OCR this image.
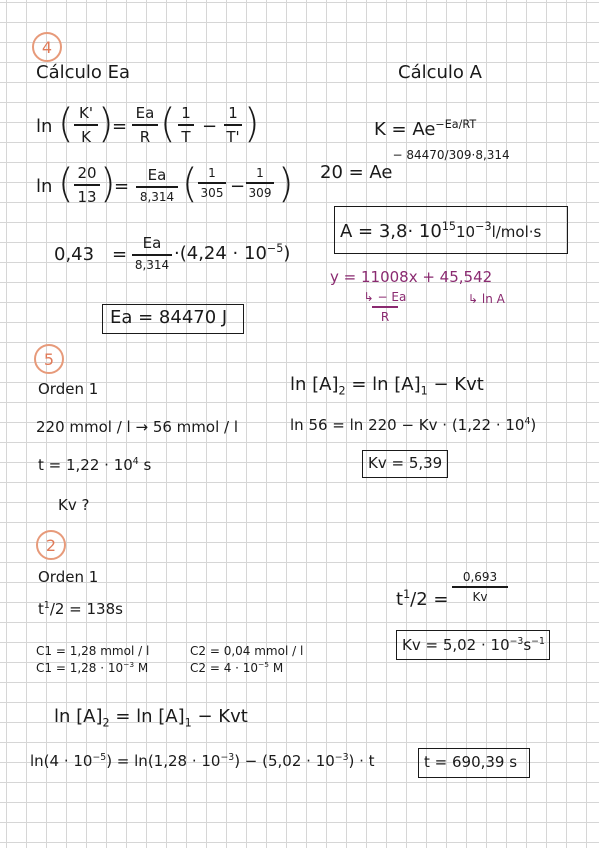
4
Cálculo Ea	Cálculo A
ln ( K'
K )
=
Ea
R ( 1
T −
1
T' )
ln ( 20
13 )
=
Ea
8,314 ( 1
305 −
1
309 )
0,43 =
Ea
8,314
$\cdot(4,24 \cdot 10^{-5})$
Ea = 84470 J
$K = Ae^{-Ea/RT}$
$20 = Ae^{- 84470/309\cdot 8,314}$
$A = 3,8\cdot 10^{15}10^{-3}l/mol\cdot s$
y = 11008x + 45,542
↳ − Ea
R
↳ ln A
5
Orden 1
220 mmol / l → 56 mmol / l
$t = 1,22 \cdot 10^4$ s
Kv ?
$\ln [A]_2 = \ln [A]_1$ − Kvt
$\ln 56 = \ln 220 - Kv \cdot (1,22 \cdot 10^4)$
Kv = 5,39
2
Orden 1
$t^1/2 = 138s$	$t^1/2$ =
0,693
Kv
C1 = 1,28 mmol / l	C2 = 0,04 mmol / l
$C1 = 1,28 \cdot 10^{-3}$ M	$C2 = 4 \cdot 10^{-5}$ M
$Kv = 5,02 \cdot 10^{-3}s^{-1}$
$\ln [A]_2 = \ln [A]_1$ − Kvt
$\ln(4 \cdot 10^{-5}) = \ln(1,28 \cdot 10^{-3}) - (5,02 \cdot 10^{-3}) \cdot t$	t = 690,39 s
